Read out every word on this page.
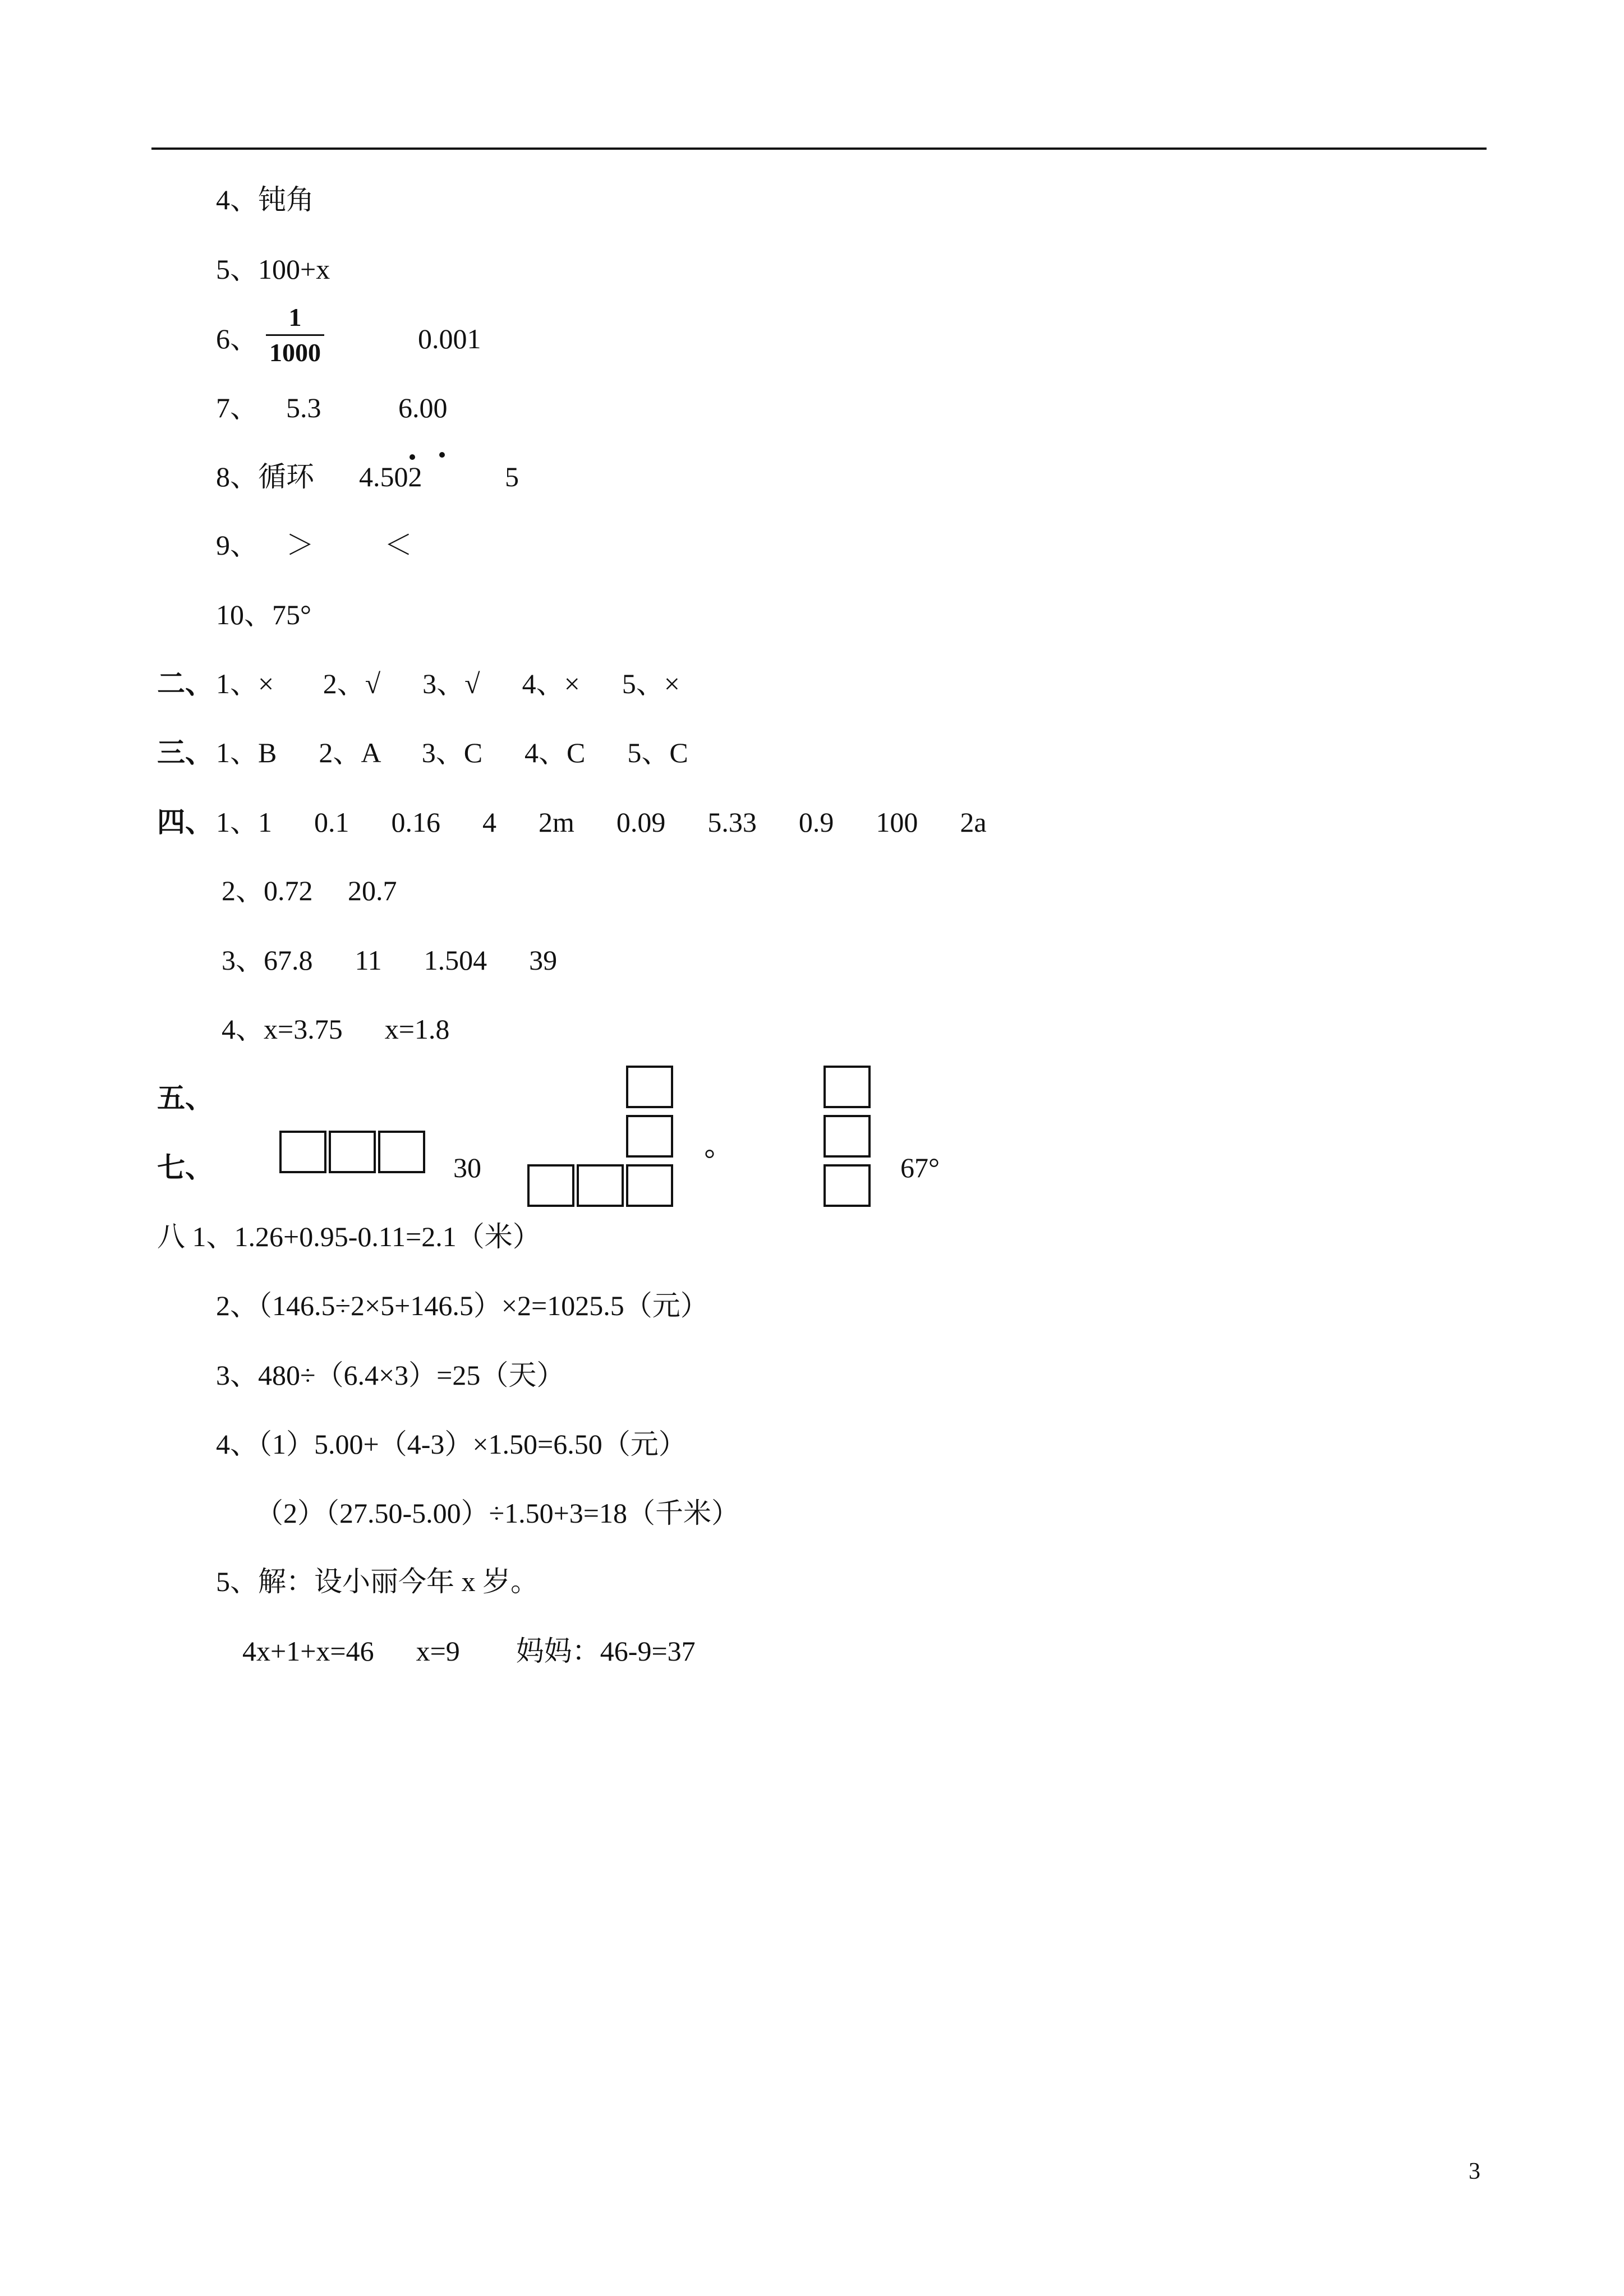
4、钝角
5、100+x
6、
1
1000	0.001
7、    5.3           6.00
8、循环 4.502	5
9、    ＞          ＜
10、75°
二、 1、×       2、√      3、√      4、×      5、×
三、 1、B      2、A      3、C      4、C      5、C
四、 1、1      0.1      0.16      4      2m      0.09      5.33      0.9      100      2a
2、0.72     20.7
3、67.8      11      1.504      39
4、x=3.75      x=1.8
五、
七、	30	°	67°
八 1、1.26+0.95-0.11=2.1（米）
2、（146.5÷2×5+146.5）×2=1025.5（元）
3、480÷（6.4×3）=25（天）
4、（1）5.00+（4-3）×1.50=6.50（元）
（2）（27.50-5.00）÷1.50+3=18（千米）
5、解：设小丽今年 x 岁。
4x+1+x=46      x=9        妈妈：46-9=37
3
